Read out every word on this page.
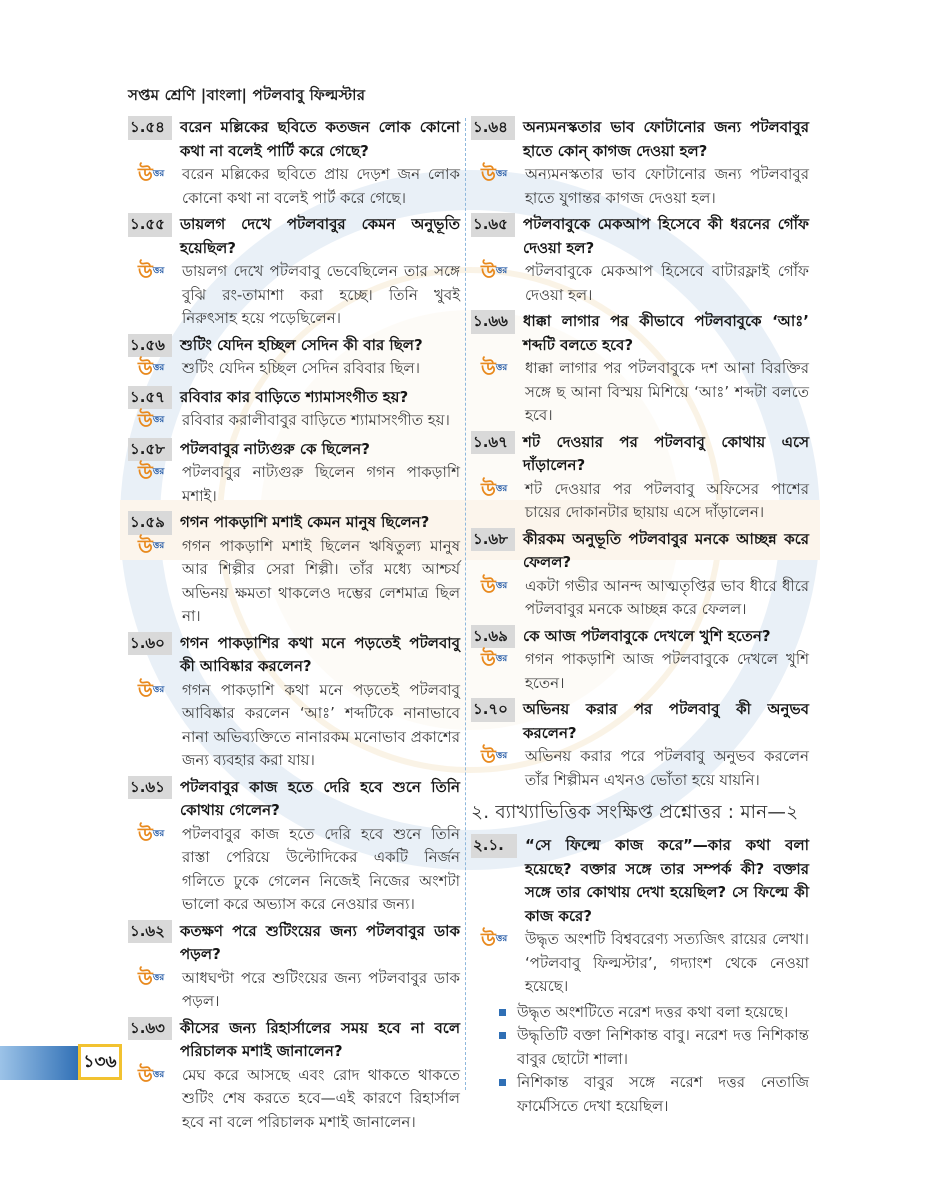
সপ্তম শ্রেণি |বাংলা| পটলবাবু ফিল্মস্টার
১.৫৪	বরেন মল্লিকের ছবিতে কতজন লোক কোনো কথা না বলেই পার্টি করে গেছে?
উ$^{ত্তর}$	বরেন মল্লিকের ছবিতে প্রায় দেড়শ জন লোক কোনো কথা না বলেই পার্ট করে গেছে।
১.৫৫	ডায়লগ দেখে পটলবাবুর কেমন অনুভূতি হয়েছিল?
উ$^{ত্তর}$	ডায়লগ দেখে পটলবাবু ভেবেছিলেন তার সঙ্গে বুঝি রং-তামাশা করা হচ্ছে। তিনি খুবই নিরুৎসাহ হয়ে পড়েছিলেন।
১.৫৬	শুটিং যেদিন হচ্ছিল সেদিন কী বার ছিল?
উ$^{ত্তর}$	শুটিং যেদিন হচ্ছিল সেদিন রবিবার ছিল।
১.৫৭	রবিবার কার বাড়িতে শ্যামাসংগীত হয়?
উ$^{ত্তর}$	রবিবার করালীবাবুর বাড়িতে শ্যামাসংগীত হয়।
১.৫৮	পটলবাবুর নাট্যগুরু কে ছিলেন?
উ$^{ত্তর}$	পটলবাবুর নাট্যগুরু ছিলেন গগন পাকড়াশি মশাই।
১.৫৯	গগন পাকড়াশি মশাই কেমন মানুষ ছিলেন?
উ$^{ত্তর}$	গগন পাকড়াশি মশাই ছিলেন ঋষিতুল্য মানুষ আর শিল্পীর সেরা শিল্পী। তাঁর মধ্যে আশ্চর্য অভিনয় ক্ষমতা থাকলেও দম্ভের লেশমাত্র ছিল না।
১.৬০	গগন পাকড়াশির কথা মনে পড়তেই পটলবাবু কী আবিষ্কার করলেন?
উ$^{ত্তর}$	গগন পাকড়াশি কথা মনে পড়তেই পটলবাবু আবিষ্কার করলেন ‘আঃ’ শব্দটিকে নানাভাবে নানা অভিব্যক্তিতে নানারকম মনোভাব প্রকাশের জন্য ব্যবহার করা যায়।
১.৬১	পটলবাবুর কাজ হতে দেরি হবে শুনে তিনি কোথায় গেলেন?
উ$^{ত্তর}$	পটলবাবুর কাজ হতে দেরি হবে শুনে তিনি রাস্তা পেরিয়ে উল্টোদিকের একটি নির্জন গলিতে ঢুকে গেলেন নিজেই নিজের অংশটা ভালো করে অভ্যাস করে নেওয়ার জন্য।
১.৬২	কতক্ষণ পরে শুটিংয়ের জন্য পটলবাবুর ডাক পড়ল?
উ$^{ত্তর}$	আধঘণ্টা পরে শুটিংয়ের জন্য পটলবাবুর ডাক পড়ল।
১.৬৩	কীসের জন্য রিহার্সালের সময় হবে না বলে পরিচালক মশাই জানালেন?
উ$^{ত্তর}$	মেঘ করে আসছে এবং রোদ থাকতে থাকতে শুটিং শেষ করতে হবে—এই কারণে রিহার্সাল হবে না বলে পরিচালক মশাই জানালেন।
১.৬৪	অন্যমনস্কতার ভাব ফোটানোর জন্য পটলবাবুর হাতে কোন্ কাগজ দেওয়া হল?
উ$^{ত্তর}$	অন্যমনস্কতার ভাব ফোটানোর জন্য পটলবাবুর হাতে যুগান্তর কাগজ দেওয়া হল।
১.৬৫	পটলবাবুকে মেকআপ হিসেবে কী ধরনের গোঁফ দেওয়া হল?
উ$^{ত্তর}$	পটলবাবুকে মেকআপ হিসেবে বাটারফ্লাই গোঁফ দেওয়া হল।
১.৬৬	ধাক্কা লাগার পর কীভাবে পটলবাবুকে ‘আঃ’ শব্দটি বলতে হবে?
উ$^{ত্তর}$	ধাক্কা লাগার পর পটলবাবুকে দশ আনা বিরক্তির সঙ্গে ছ আনা বিস্ময় মিশিয়ে ‘আঃ’ শব্দটা বলতে হবে।
১.৬৭	শট দেওয়ার পর পটলবাবু কোথায় এসে দাঁড়ালেন?
উ$^{ত্তর}$	শট দেওয়ার পর পটলবাবু অফিসের পাশের চায়ের দোকানটার ছায়ায় এসে দাঁড়ালেন।
১.৬৮	কীরকম অনুভূতি পটলবাবুর মনকে আচ্ছন্ন করে ফেলল?
উ$^{ত্তর}$	একটা গভীর আনন্দ আত্মতৃপ্তির ভাব ধীরে ধীরে পটলবাবুর মনকে আচ্ছন্ন করে ফেলল।
১.৬৯	কে আজ পটলবাবুকে দেখলে খুশি হতেন?
উ$^{ত্তর}$	গগন পাকড়াশি আজ পটলবাবুকে দেখলে খুশি হতেন।
১.৭০	অভিনয় করার পর পটলবাবু কী অনুভব করলেন?
উ$^{ত্তর}$	অভিনয় করার পরে পটলবাবু অনুভব করলেন তাঁর শিল্পীমন এখনও ভোঁতা হয়ে যায়নি।
২. ব্যাখ্যাভিত্তিক সংক্ষিপ্ত প্রশ্নোত্তর : মান—২
২.১.	“সে ফিল্মে কাজ করে”—কার কথা বলা হয়েছে? বক্তার সঙ্গে তার সম্পর্ক কী? বক্তার সঙ্গে তার কোথায় দেখা হয়েছিল? সে ফিল্মে কী কাজ করে?
উ$^{ত্তর}$	উদ্ধৃত অংশটি বিশ্ববরেণ্য সত্যজিৎ রায়ের লেখা। ‘পটলবাবু ফিল্মস্টার’, গদ্যাংশ থেকে নেওয়া হয়েছে।
উদ্ধৃত অংশটিতে নরেশ দত্তর কথা বলা হয়েছে।
উদ্ধৃতিটি বক্তা নিশিকান্ত বাবু। নরেশ দত্ত নিশিকান্ত বাবুর ছোটো শালা।
নিশিকান্ত বাবুর সঙ্গে নরেশ দত্তর নেতাজি ফার্মেসিতে দেখা হয়েছিল।
১৩৬
